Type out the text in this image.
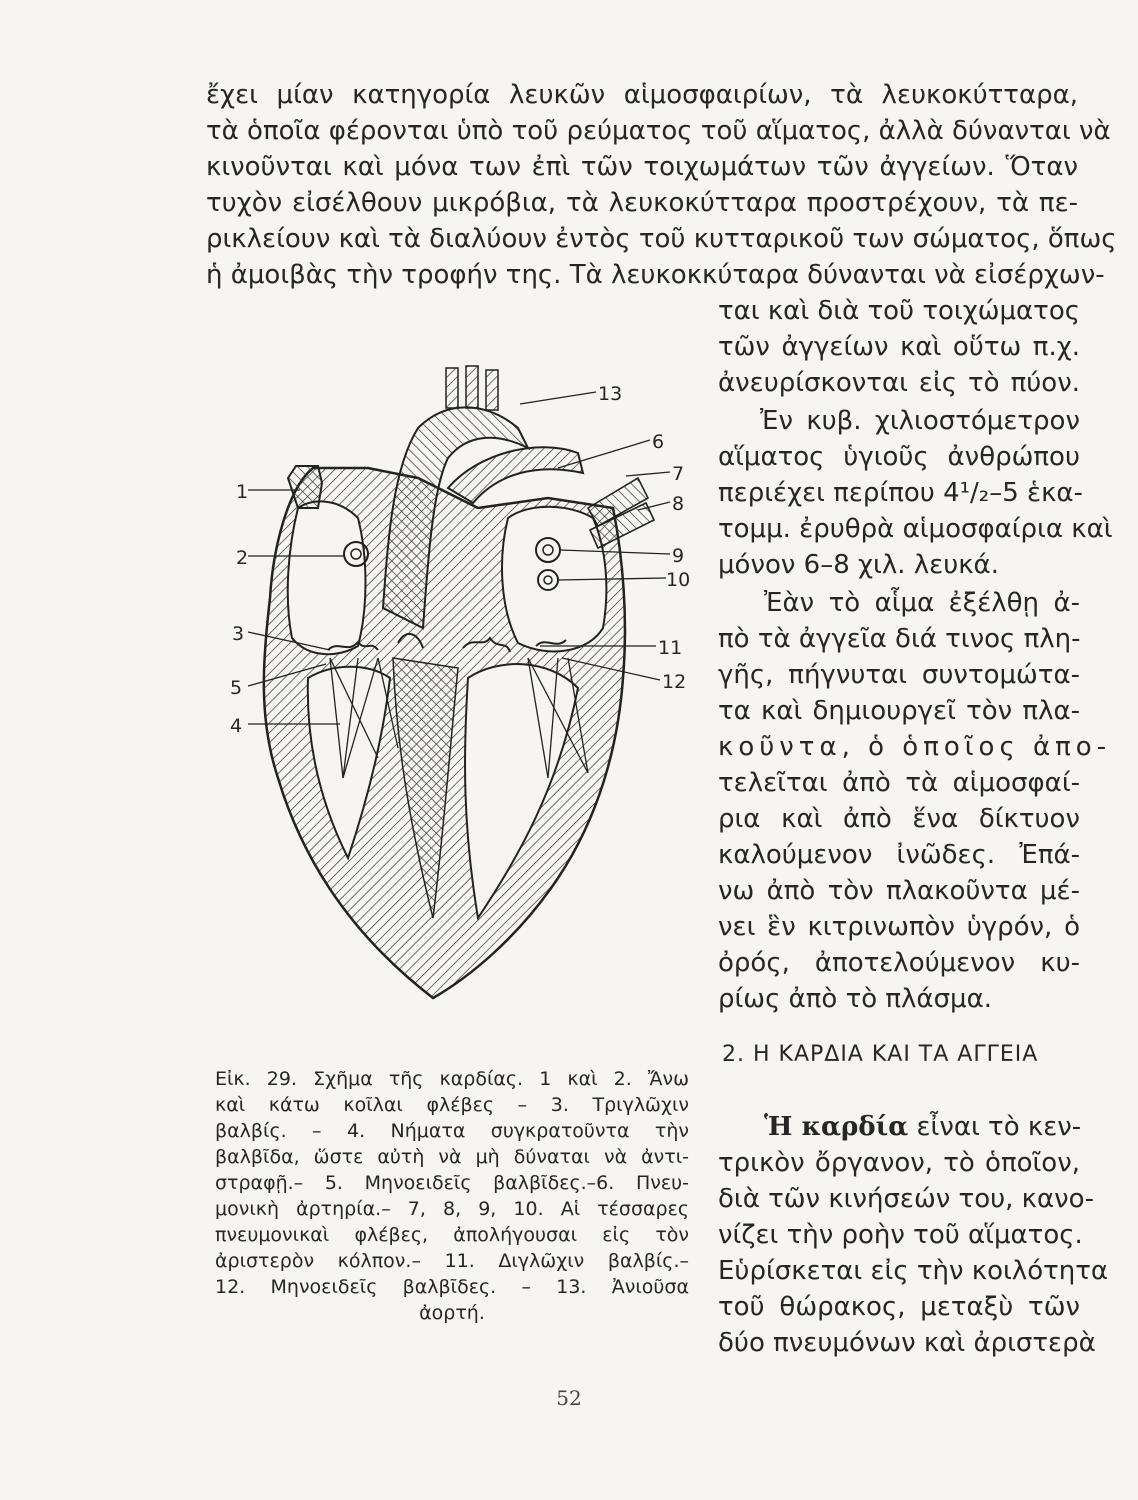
ἔχει μίαν κατηγορία λευκῶν αἱμοσφαιρίων, τὰ λευκοκύτταρα,
τὰ ὁποῖα φέρονται ὑπὸ τοῦ ρεύματος τοῦ αἵματος, ἀλλὰ δύνανται νὰ
κινοῦνται καὶ μόνα των ἐπὶ τῶν τοιχωμάτων τῶν ἀγγείων. Ὅταν
τυχὸν εἰσέλθουν μικρόβια, τὰ λευκοκύτταρα προστρέχουν, τὰ πε-
ρικλείουν καὶ τὰ διαλύουν ἐντὸς τοῦ κυτταρικοῦ των σώματος, ὅπως
ἡ ἀμοιβὰς τὴν τροφήν της. Τὰ λευκοκκύταρα δύνανται νὰ εἰσέρχων-
ται καὶ διὰ τοῦ τοιχώματος
τῶν ἀγγείων καὶ οὕτω π.χ.
ἀνευρίσκονται εἰς τὸ πύον.
Ἐν κυβ. χιλιοστόμετρον
αἵματος ὑγιοῦς ἀνθρώπου
περιέχει περίπου 4¹/₂–5 ἑκα-
τομμ. ἐρυθρὰ αἱμοσφαίρια καὶ
μόνον 6–8 χιλ. λευκά.
Ἐὰν τὸ αἷμα ἐξέλθῃ ἀ-
πὸ τὰ ἀγγεῖα διά τινος πλη-
γῆς, πήγνυται συντομώτα-
τα καὶ δημιουργεῖ τὸν πλα-
κοῦντα, ὁ ὁποῖος ἀπο-
τελεῖται ἀπὸ τὰ αἱμοσφαί-
ρια καὶ ἀπὸ ἕνα δίκτυον
καλούμενον ἰνῶδες. Ἐπά-
νω ἀπὸ τὸν πλακοῦντα μέ-
νει ἓν κιτρινωπὸν ὑγρόν, ὁ
ὀρός, ἀποτελούμενον κυ-
ρίως ἀπὸ τὸ πλάσμα.
2. Η ΚΑΡΔΙΑ ΚΑΙ ΤΑ ΑΓΓΕΙΑ
Ἡ καρδία εἶναι τὸ κεν-
τρικὸν ὄργανον, τὸ ὁποῖον,
διὰ τῶν κινήσεών του, κανο-
νίζει τὴν ροὴν τοῦ αἵματος.
Εὑρίσκεται εἰς τὴν κοιλότητα
τοῦ θώρακος, μεταξὺ τῶν
δύο πνευμόνων καὶ ἀριστερὰ
1
2
3
5
4
13
6
7
8
9
10
11
12
Εἰκ. 29. Σχῆμα τῆς καρδίας. 1 καὶ 2. Ἄνω
καὶ κάτω κοῖλαι φλέβες – 3. Τριγλῶχιν
βαλβίς. – 4. Νήματα συγκρατοῦντα τὴν
βαλβῖδα, ὥστε αὐτὴ νὰ μὴ δύναται νὰ ἀντι-
στραφῇ.– 5. Μηνοειδεῖς βαλβῖδες.–6. Πνευ-
μονικὴ ἀρτηρία.– 7, 8, 9, 10. Αἱ τέσσαρες
πνευμονικαὶ φλέβες, ἀπολήγουσαι εἰς τὸν
ἀριστερὸν κόλπον.– 11. Διγλῶχιν βαλβίς.–
12. Μηνοειδεῖς βαλβῖδες. – 13. Ἀνιοῦσα
ἀορτή.
52
